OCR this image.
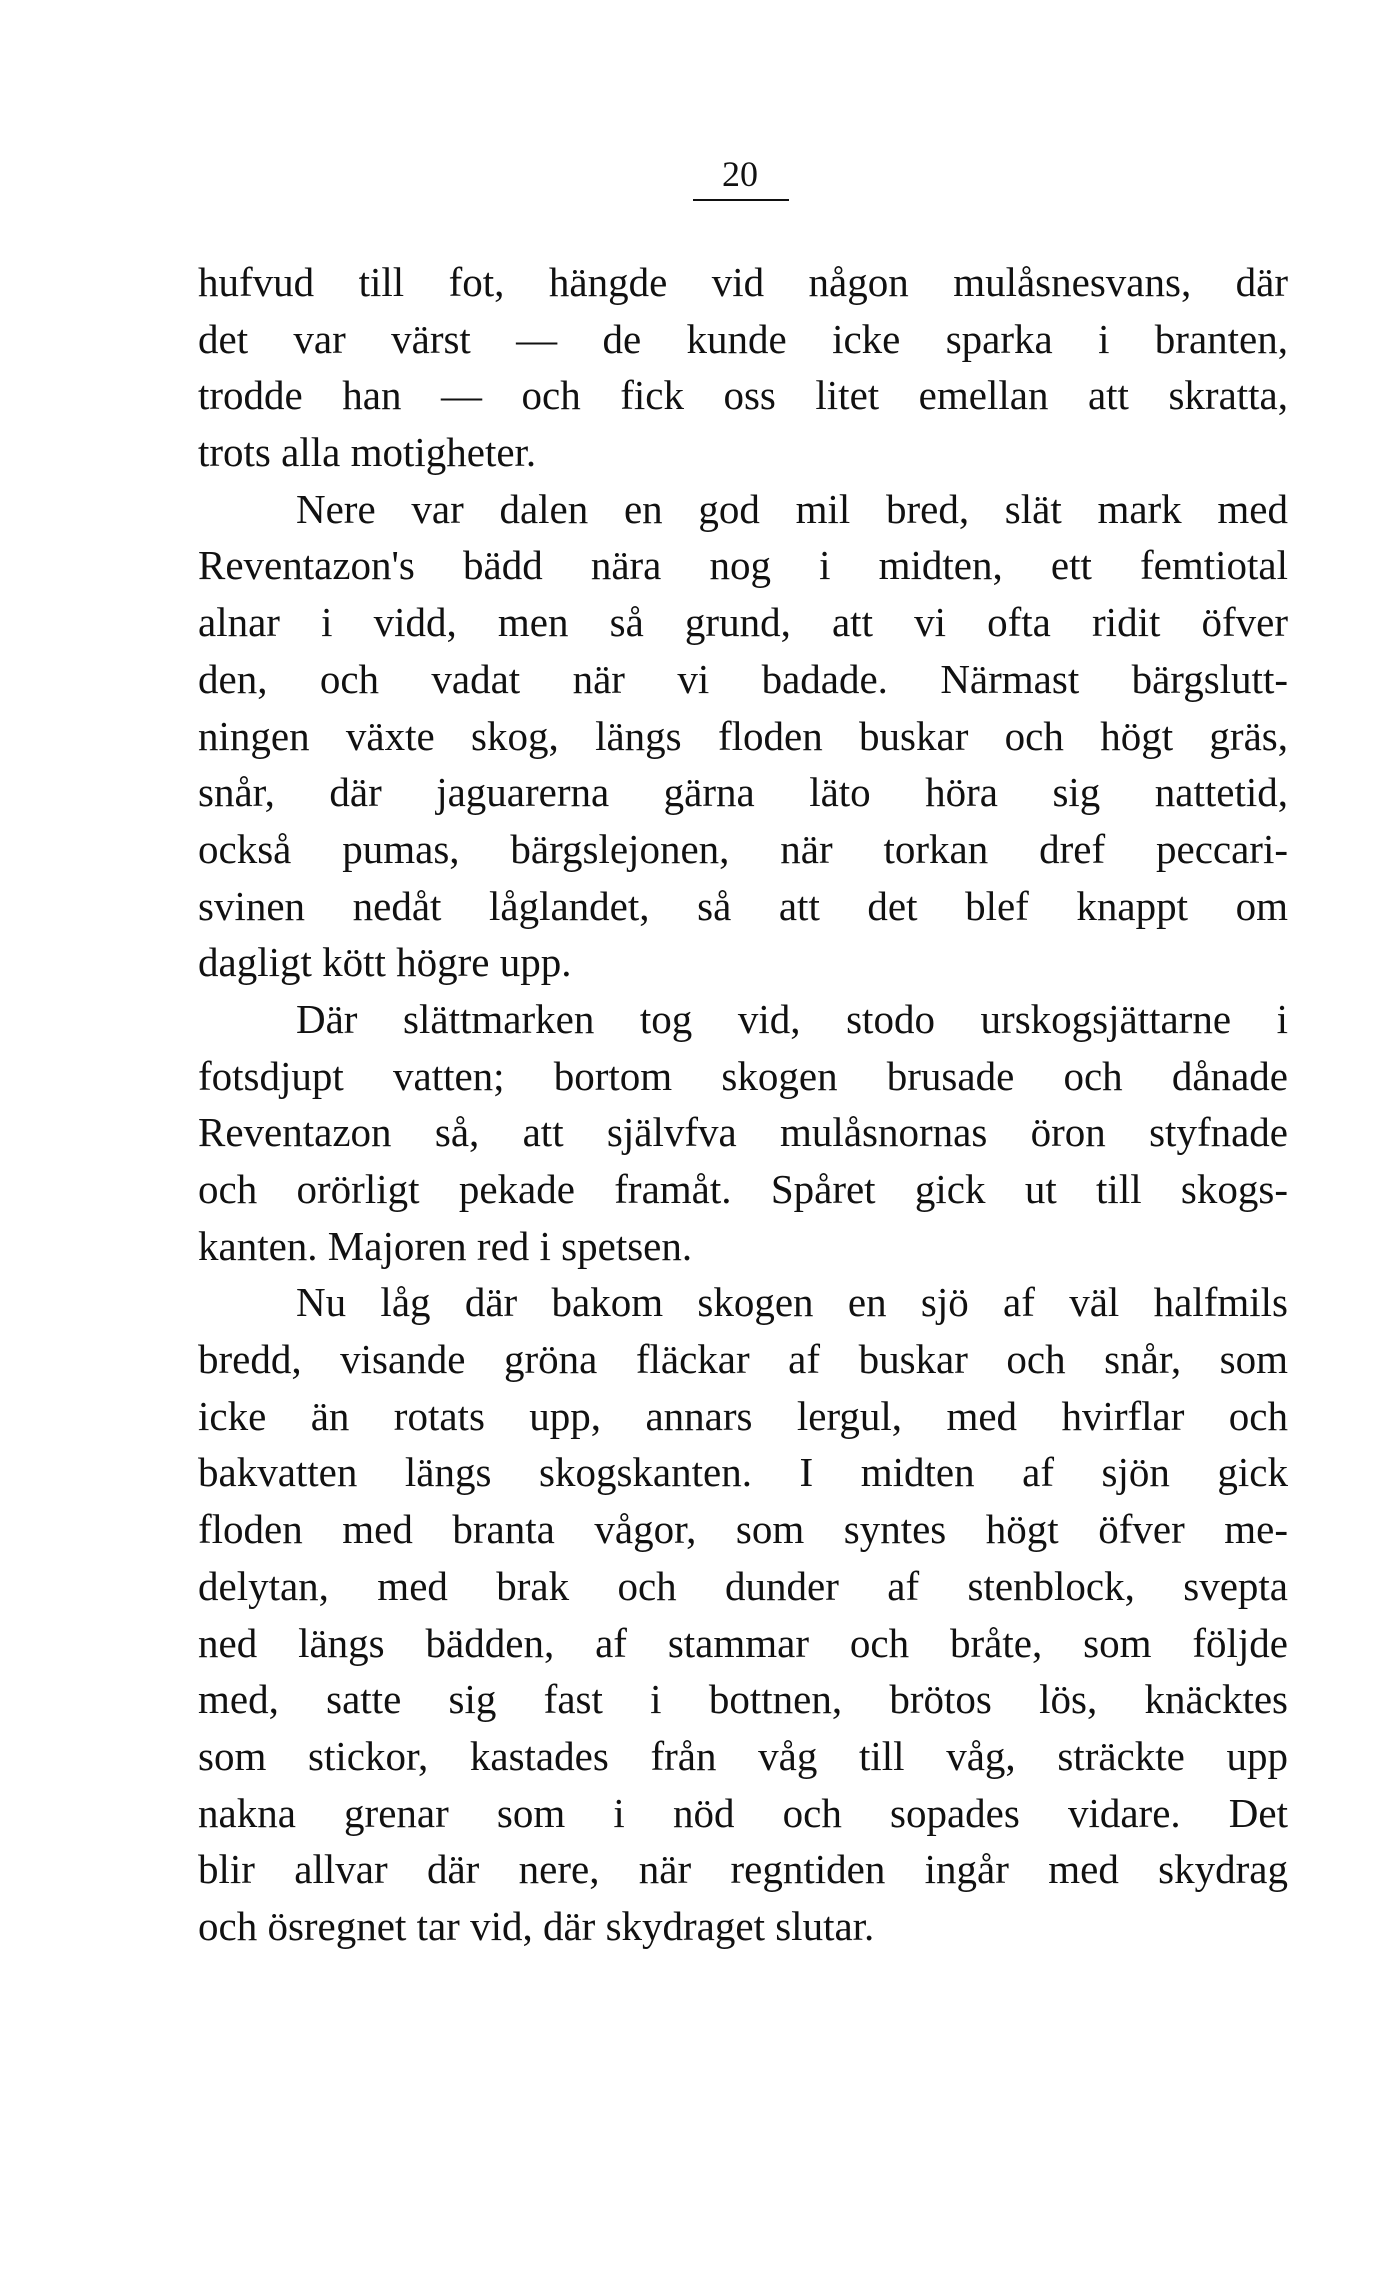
20
hufvud till fot, hängde vid någon mulåsnesvans, där
det var värst — de kunde icke sparka i branten,
trodde han — och fick oss litet emellan att skratta,
trots alla motigheter.
Nere var dalen en god mil bred, slät mark med
Reventazon's bädd nära nog i midten, ett femtiotal
alnar i vidd, men så grund, att vi ofta ridit öfver
den, och vadat när vi badade. Närmast bärgslutt-
ningen växte skog, längs floden buskar och högt gräs,
snår, där jaguarerna gärna läto höra sig nattetid,
också pumas, bärgslejonen, när torkan dref peccari-
svinen nedåt låglandet, så att det blef knappt om
dagligt kött högre upp.
Där slättmarken tog vid, stodo urskogsjättarne i
fotsdjupt vatten; bortom skogen brusade och dånade
Reventazon så, att självfva mulåsnornas öron styfnade
och orörligt pekade framåt. Spåret gick ut till skogs-
kanten. Majoren red i spetsen.
Nu låg där bakom skogen en sjö af väl halfmils
bredd, visande gröna fläckar af buskar och snår, som
icke än rotats upp, annars lergul, med hvirflar och
bakvatten längs skogskanten. I midten af sjön gick
floden med branta vågor, som syntes högt öfver me-
delytan, med brak och dunder af stenblock, svepta
ned längs bädden, af stammar och bråte, som följde
med, satte sig fast i bottnen, brötos lös, knäcktes
som stickor, kastades från våg till våg, sträckte upp
nakna grenar som i nöd och sopades vidare. Det
blir allvar där nere, när regntiden ingår med skydrag
och ösregnet tar vid, där skydraget slutar.
